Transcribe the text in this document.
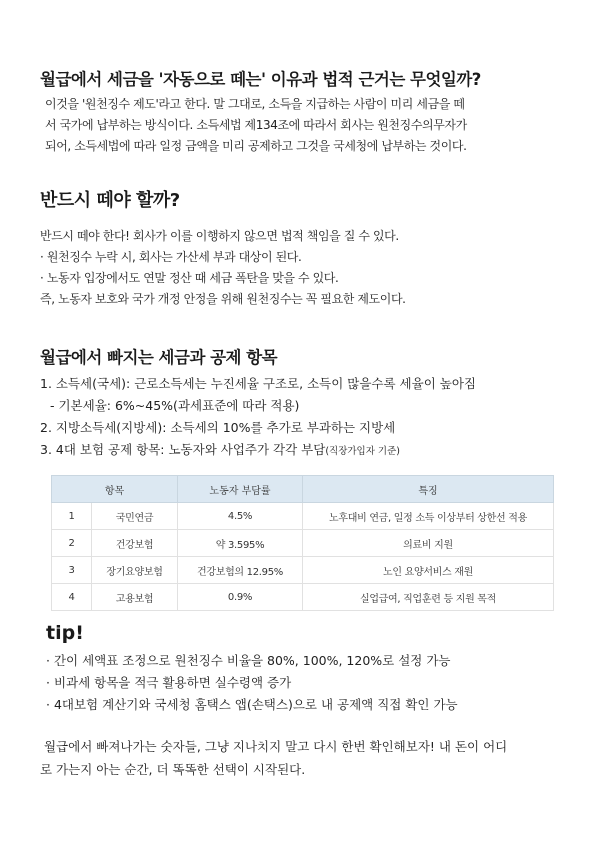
월급에서 세금을 '자동으로 떼는' 이유과 법적 근거는 무엇일까?

이것을 '원천징수 제도'라고 한다. 말 그대로, 소득을 지급하는 사람이 미리 세금을 떼

서 국가에 납부하는 방식이다. 소득세법 제134조에 따라서 회사는 원천징수의무자가

되어, 소득세법에 따라 일정 금액을 미리 공제하고 그것을 국세청에 납부하는 것이다.

반드시 떼야 할까?

반드시 떼야 한다! 회사가 이를 이행하지 않으면 법적 책임을 질 수 있다.

· 원천징수 누락 시, 회사는 가산세 부과 대상이 된다.

· 노동자 입장에서도 연말 정산 때 세금 폭탄을 맞을 수 있다.

즉, 노동자 보호와 국가 개정 안정을 위해 원천징수는 꼭 필요한 제도이다.

월급에서 빠지는 세금과 공제 항목
1. 소득세(국세): 근로소득세는 누진세율 구조로, 소득이 많을수록 세율이 높아짐
- 기본세율: 6%~45%(과세표준에 따라 적용)
2. 지방소득세(지방세): 소득세의 10%를 추가로 부과하는 지방세
3. 4대 보험 공제 항목: 노동자와 사업주가 각각 부담(직장가입자 기준)
항목		노동자 부담률	특징
1	국민연금	4.5%	노후대비 연금, 일정 소득 이상부터 상한선 적용
2	건강보험	약 3.595%	의료비 지원
3	장기요양보험	건강보험의 12.95%	노인 요양서비스 재원
4	고용보험	0.9%	실업급여, 직업훈련 등 지원 목적
tip!
· 간이 세액표 조정으로 원천징수 비율을 80%, 100%, 120%로 설정 가능
· 비과세 항목을 적극 활용하면 실수령액 증가
· 4대보험 계산기와 국세청 홈택스 앱(손택스)으로 내 공제액 직접 확인 가능
월급에서 빠져나가는 숫자들, 그냥 지나치지 말고 다시 한번 확인해보자! 내 돈이 어디
로 가는지 아는 순간, 더 똑똑한 선택이 시작된다.
